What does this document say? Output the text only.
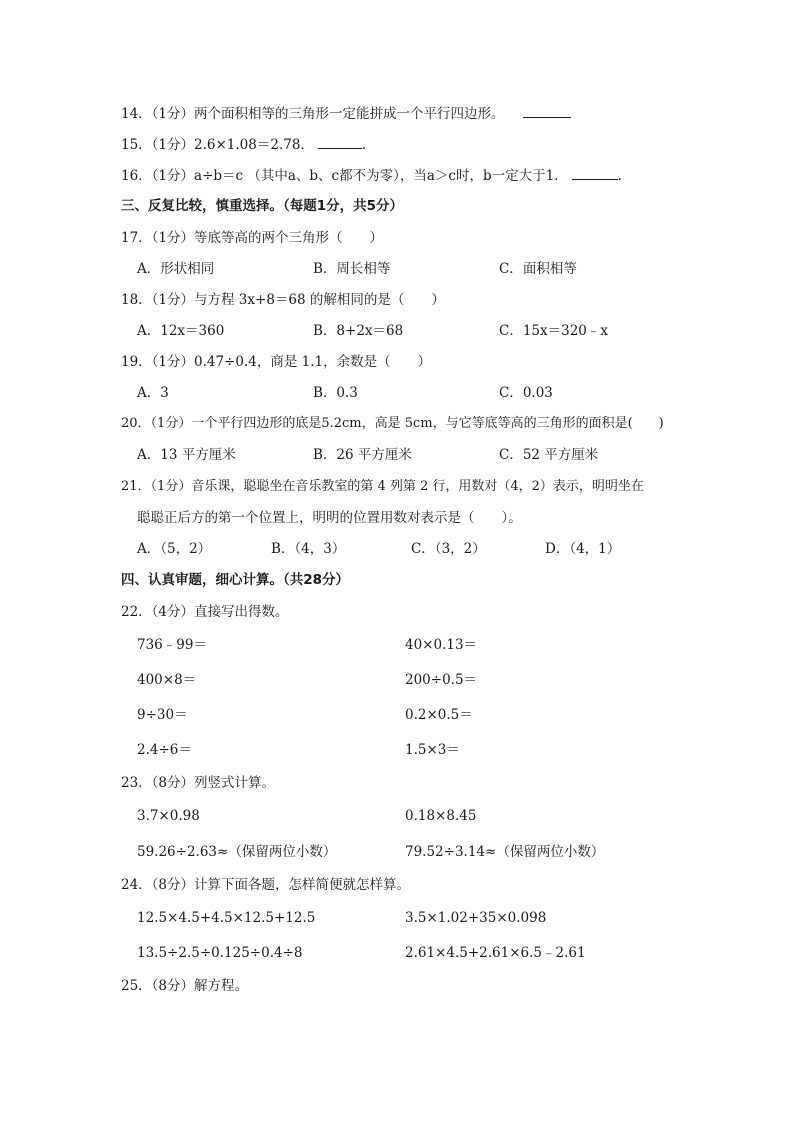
14．（1分）两个面积相等的三角形一定能拼成一个平行四边形。
15．（1分）2.6×1.08＝2.78．	．
16．（1分）a÷b＝c （其中a、b、c都不为零），当a＞c时，b一定大于1．	．
三、反复比较，慎重选择。（每题1分，共5分）
17．（1分）等底等高的两个三角形（　　）
A．形状相同	B．周长相等	C．面积相等
18．（1分）与方程 3x+8＝68 的解相同的是（　　）
A．12x＝360	B．8+2x＝68	C．15x＝320﹣x
19．（1分）0.47÷0.4，商是 1.1，余数是（　　）
A．3	B．0.3	C．0.03
20．（1分）一个平行四边形的底是5.2cm，高是 5cm，与它等底等高的三角形的面积是(　　)
A．13 平方厘米	B．26 平方厘米	C．52 平方厘米
21．（1分）音乐课，聪聪坐在音乐教室的第 4 列第 2 行，用数对（4，2）表示，明明坐在
聪聪正后方的第一个位置上，明明的位置用数对表示是（　　）。
A．（5，2）	B．（4，3）	C．（3，2）	D．（4，1）
四、认真审题，细心计算。（共28分）
22．（4分）直接写出得数。
736﹣99＝	40×0.13＝
400×8＝	200÷0.5＝
9÷30＝	0.2×0.5＝
2.4÷6＝	1.5×3＝
23．（8分）列竖式计算。
3.7×0.98	0.18×8.45
59.26÷2.63≈（保留两位小数）	79.52÷3.14≈（保留两位小数）
24．（8分）计算下面各题，怎样简便就怎样算。
12.5×4.5+4.5×12.5+12.5	3.5×1.02+35×0.098
13.5÷2.5÷0.125÷0.4÷8	2.61×4.5+2.61×6.5﹣2.61
25．（8分）解方程。
